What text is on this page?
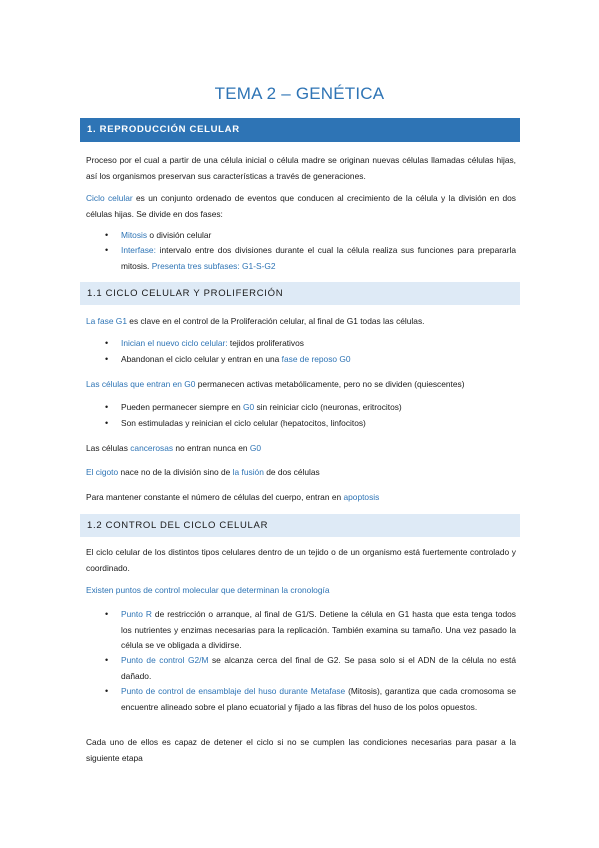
TEMA 2 – GENÉTICA
1. REPRODUCCIÓN CELULAR

Proceso por el cual a partir de una célula inicial o célula madre se originan nuevas células llamadas células hijas, así los organismos preservan sus características a través de generaciones.

Ciclo celular es un conjunto ordenado de eventos que conducen al crecimiento de la célula y la división en dos células hijas. Se divide en dos fases:

• Mitosis o división celular
• Interfase: intervalo entre dos divisiones durante el cual la célula realiza sus funciones para prepararla mitosis. Presenta tres subfases: G1-S-G2
1.1 CICLO CELULAR Y PROLIFERCIÓN

La fase G1 es clave en el control de la Proliferación celular, al final de G1 todas las células.

• Inician el nuevo ciclo celular: tejidos proliferativos
• Abandonan el ciclo celular y entran en una fase de reposo G0

Las células que entran en G0 permanecen activas metabólicamente, pero no se dividen (quiescentes)

• Pueden permanecer siempre en G0 sin reiniciar ciclo (neuronas, eritrocitos)
• Son estimuladas y reinician el ciclo celular (hepatocitos, linfocitos)

Las células cancerosas no entran nunca en G0

El cigoto nace no de la división sino de la fusión de dos células

Para mantener constante el número de células del cuerpo, entran en apoptosis

1.2 CONTROL DEL CICLO CELULAR

El ciclo celular de los distintos tipos celulares dentro de un tejido o de un organismo está fuertemente controlado y coordinado.

Existen puntos de control molecular que determinan la cronología

• Punto R de restricción o arranque, al final de G1/S. Detiene la célula en G1 hasta que esta tenga todos los nutrientes y enzimas necesarias para la replicación. También examina su tamaño. Una vez pasado la célula se ve obligada a dividirse.
• Punto de control G2/M se alcanza cerca del final de G2. Se pasa solo si el ADN de la célula no está dañado.
• Punto de control de ensamblaje del huso durante Metafase (Mitosis), garantiza que cada cromosoma se encuentre alineado sobre el plano ecuatorial y fijado a las fibras del huso de los polos opuestos.

Cada uno de ellos es capaz de detener el ciclo si no se cumplen las condiciones necesarias para pasar a la siguiente etapa
